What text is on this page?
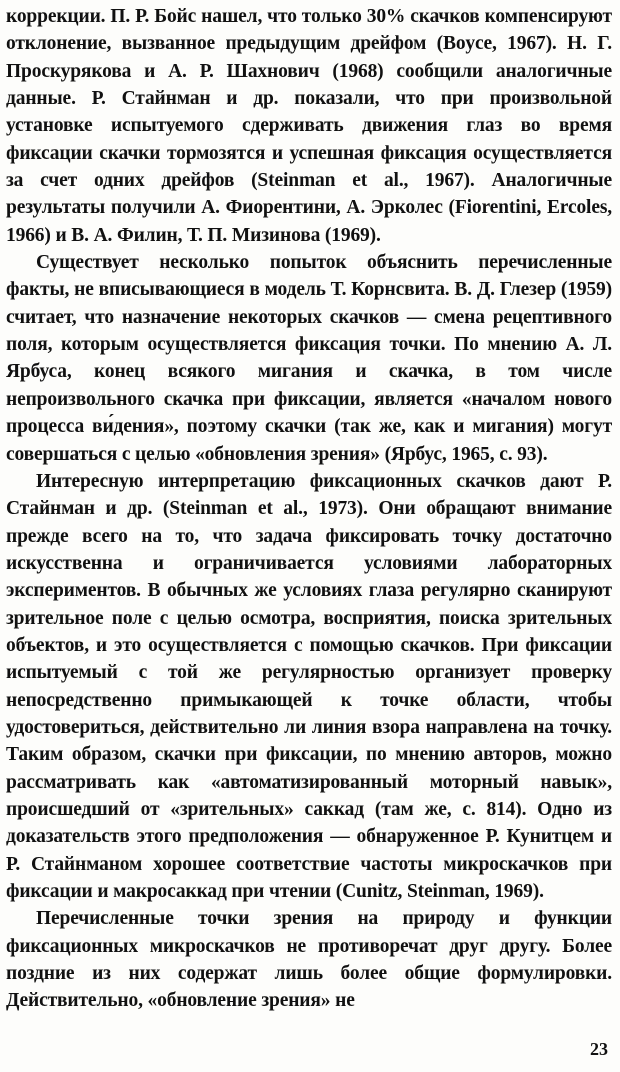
коррекции. П. Р. Бойс нашел, что только 30% скачков компенсируют отклонение, вызванное предыдущим дрейфом (Boyce, 1967). Н. Г. Проскурякова и А. Р. Шахнович (1968) сообщили аналогичные данные. Р. Стайнман и др. показали, что при произвольной установке испытуемого сдерживать движения глаз во время фиксации скачки тормозятся и успешная фиксация осуществляется за счет одних дрейфов (Steinman et al., 1967). Аналогичные результаты получили А. Фиорентини, А. Эрколес (Fiorentini, Ercoles, 1966) и В. А. Филин, Т. П. Мизинова (1969).

Существует несколько попыток объяснить перечисленные факты, не вписывающиеся в модель Т. Корнсвита. В. Д. Глезер (1959) считает, что назначение некоторых скачков — смена рецептивного поля, которым осуществляется фиксация точки. По мнению А. Л. Ярбуса, конец всякого мигания и скачка, в том числе непроизвольного скачка при фиксации, является «началом нового процесса ви́дения», поэтому скачки (так же, как и мигания) могут совершаться с целью «обновления зрения» (Ярбус, 1965, с. 93).

Интересную интерпретацию фиксационных скачков дают Р. Стайнман и др. (Steinman et al., 1973). Они обращают внимание прежде всего на то, что задача фиксировать точку достаточно искусственна и ограничивается условиями лабораторных экспериментов. В обычных же условиях глаза регулярно сканируют зрительное поле с целью осмотра, восприятия, поиска зрительных объектов, и это осуществляется с помощью скачков. При фиксации испытуемый с той же регулярностью организует проверку непосредственно примыкающей к точке области, чтобы удостовериться, действительно ли линия взора направлена на точку. Таким образом, скачки при фиксации, по мнению авторов, можно рассматривать как «автоматизированный моторный навык», происшедший от «зрительных» саккад (там же, с. 814). Одно из доказательств этого предположения — обнаруженное Р. Кунитцем и Р. Стайнманом хорошее соответствие частоты микроскачков при фиксации и макросаккад при чтении (Cunitz, Steinman, 1969).

Перечисленные точки зрения на природу и функции фиксационных микроскачков не противоречат друг другу. Более поздние из них содержат лишь более общие формулировки. Действительно, «обновление зрения» не

23
